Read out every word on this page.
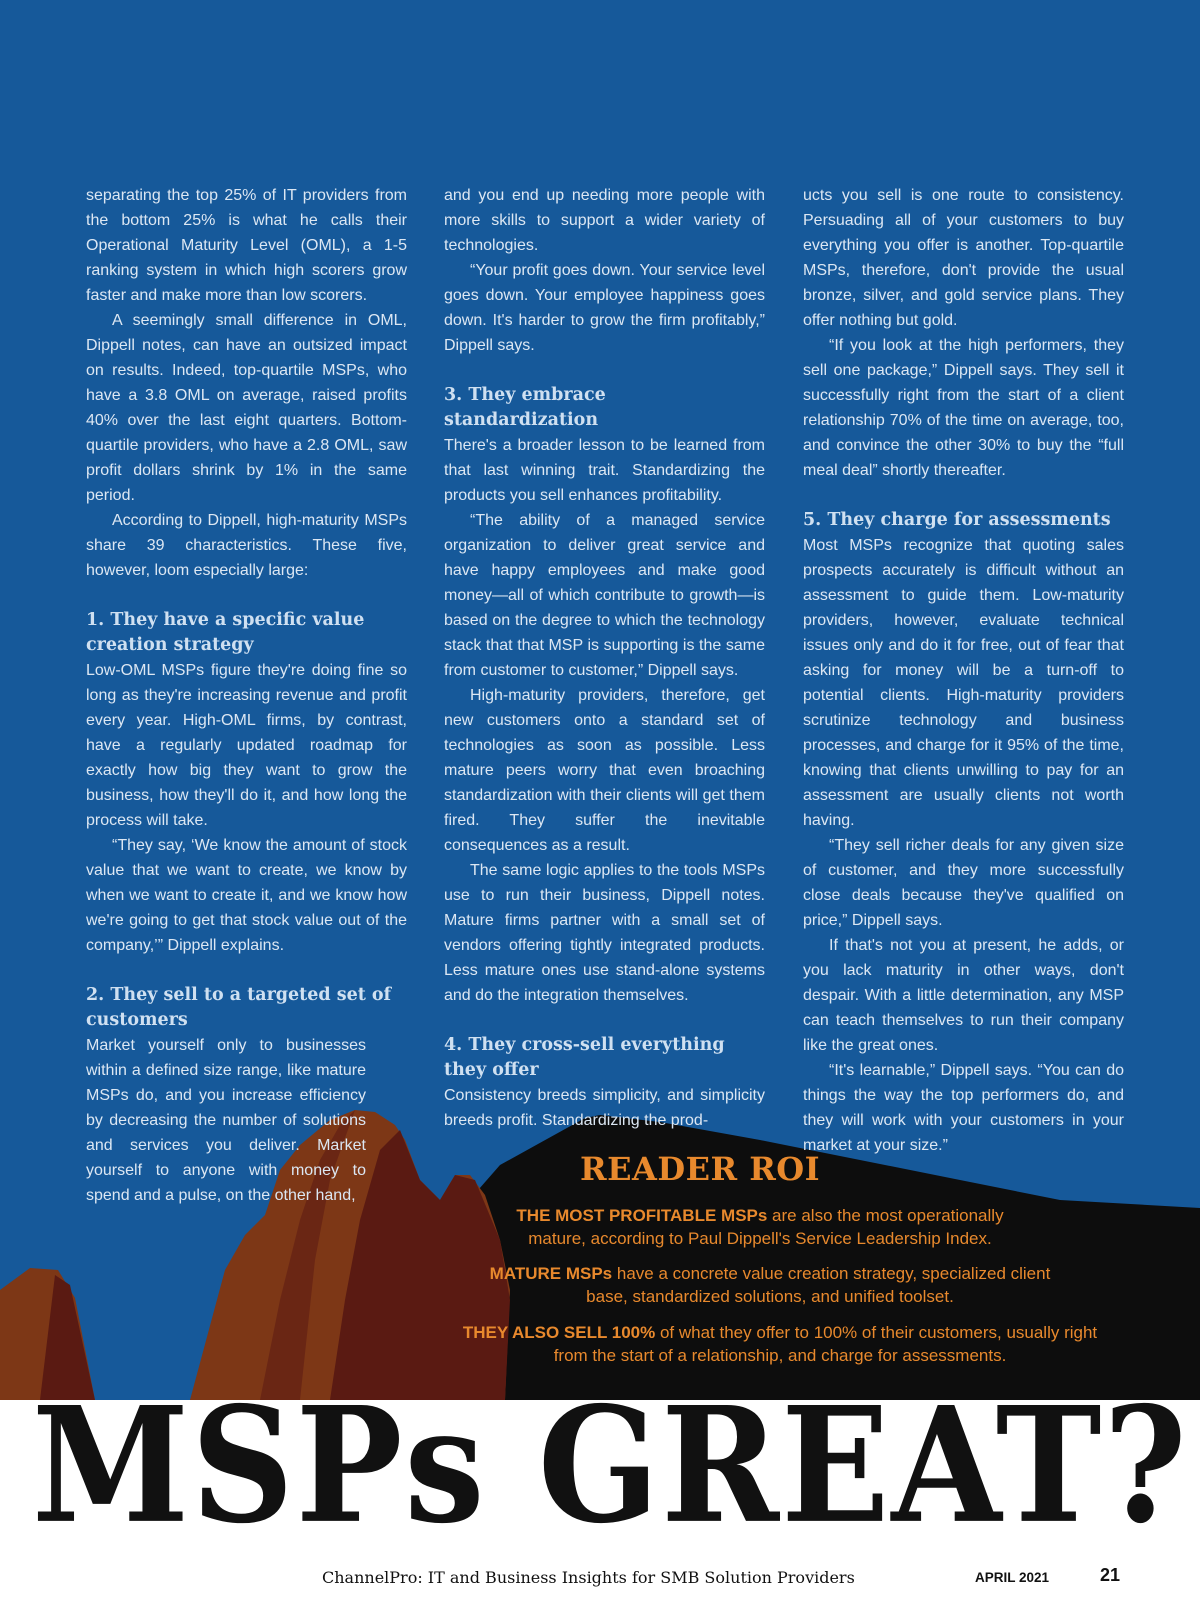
separating the top 25% of IT providers from the bottom 25% is what he calls their Operational Maturity Level (OML), a 1-5 ranking system in which high scorers grow faster and make more than low scorers.

A seemingly small difference in OML, Dippell notes, can have an outsized impact on results. Indeed, top-quartile MSPs, who have a 3.8 OML on average, raised profits 40% over the last eight quarters. Bottom-quartile providers, who have a 2.8 OML, saw profit dollars shrink by 1% in the same period.

According to Dippell, high-maturity MSPs share 39 characteristics. These five, however, loom especially large:

1. They have a specific value creation strategy

Low-OML MSPs figure they're doing fine so long as they're increasing revenue and profit every year. High-OML firms, by contrast, have a regularly updated roadmap for exactly how big they want to grow the business, how they'll do it, and how long the process will take.

“They say, ‘We know the amount of stock value that we want to create, we know by when we want to create it, and we know how we're going to get that stock value out of the company,’” Dippell explains.

2. They sell to a targeted set of customers

Market yourself only to businesses within a defined size range, like mature MSPs do, and you increase efficiency by decreasing the number of solutions and services you deliver. Market yourself to anyone with money to spend and a pulse, on the other hand,

and you end up needing more people with more skills to support a wider variety of technologies.

“Your profit goes down. Your service level goes down. Your employee happiness goes down. It's harder to grow the firm profitably,” Dippell says.

3. They embrace standardization

There's a broader lesson to be learned from that last winning trait. Standardizing the products you sell enhances profitability.

“The ability of a managed service organization to deliver great service and have happy employees and make good money—all of which contribute to growth—is based on the degree to which the technology stack that that MSP is supporting is the same from customer to customer,” Dippell says.

High-maturity providers, therefore, get new customers onto a standard set of technologies as soon as possible. Less mature peers worry that even broaching standardization with their clients will get them fired. They suffer the inevitable consequences as a result.

The same logic applies to the tools MSPs use to run their business, Dippell notes. Mature firms partner with a small set of vendors offering tightly integrated products. Less mature ones use stand-alone systems and do the integration themselves.

4. They cross-sell everything they offer

Consistency breeds simplicity, and simplicity breeds profit. Standardizing the prod-

ucts you sell is one route to consistency. Persuading all of your customers to buy everything you offer is another. Top-quartile MSPs, therefore, don't provide the usual bronze, silver, and gold service plans. They offer nothing but gold.

“If you look at the high performers, they sell one package,” Dippell says. They sell it successfully right from the start of a client relationship 70% of the time on average, too, and convince the other 30% to buy the “full meal deal” shortly thereafter.

5. They charge for assessments

Most MSPs recognize that quoting sales prospects accurately is difficult without an assessment to guide them. Low-maturity providers, however, evaluate technical issues only and do it for free, out of fear that asking for money will be a turn-off to potential clients. High-maturity providers scrutinize technology and business processes, and charge for it 95% of the time, knowing that clients unwilling to pay for an assessment are usually clients not worth having.

“They sell richer deals for any given size of customer, and they more successfully close deals because they've qualified on price,” Dippell says.

If that's not you at present, he adds, or you lack maturity in other ways, don't despair. With a little determination, any MSP can teach themselves to run their company like the great ones.

“It's learnable,” Dippell says. “You can do things the way the top performers do, and they will work with your customers in your market at your size.”

READER ROI

THE MOST PROFITABLE MSPs are also the most operationally mature, according to Paul Dippell's Service Leadership Index.

MATURE MSPs have a concrete value creation strategy, specialized client base, standardized solutions, and unified toolset.

THEY ALSO SELL 100% of what they offer to 100% of their customers, usually right from the start of a relationship, and charge for assessments.

MSPs GREAT?
ChannelPro: IT and Business Insights for SMB Solution Providers	APRIL 2021	21
